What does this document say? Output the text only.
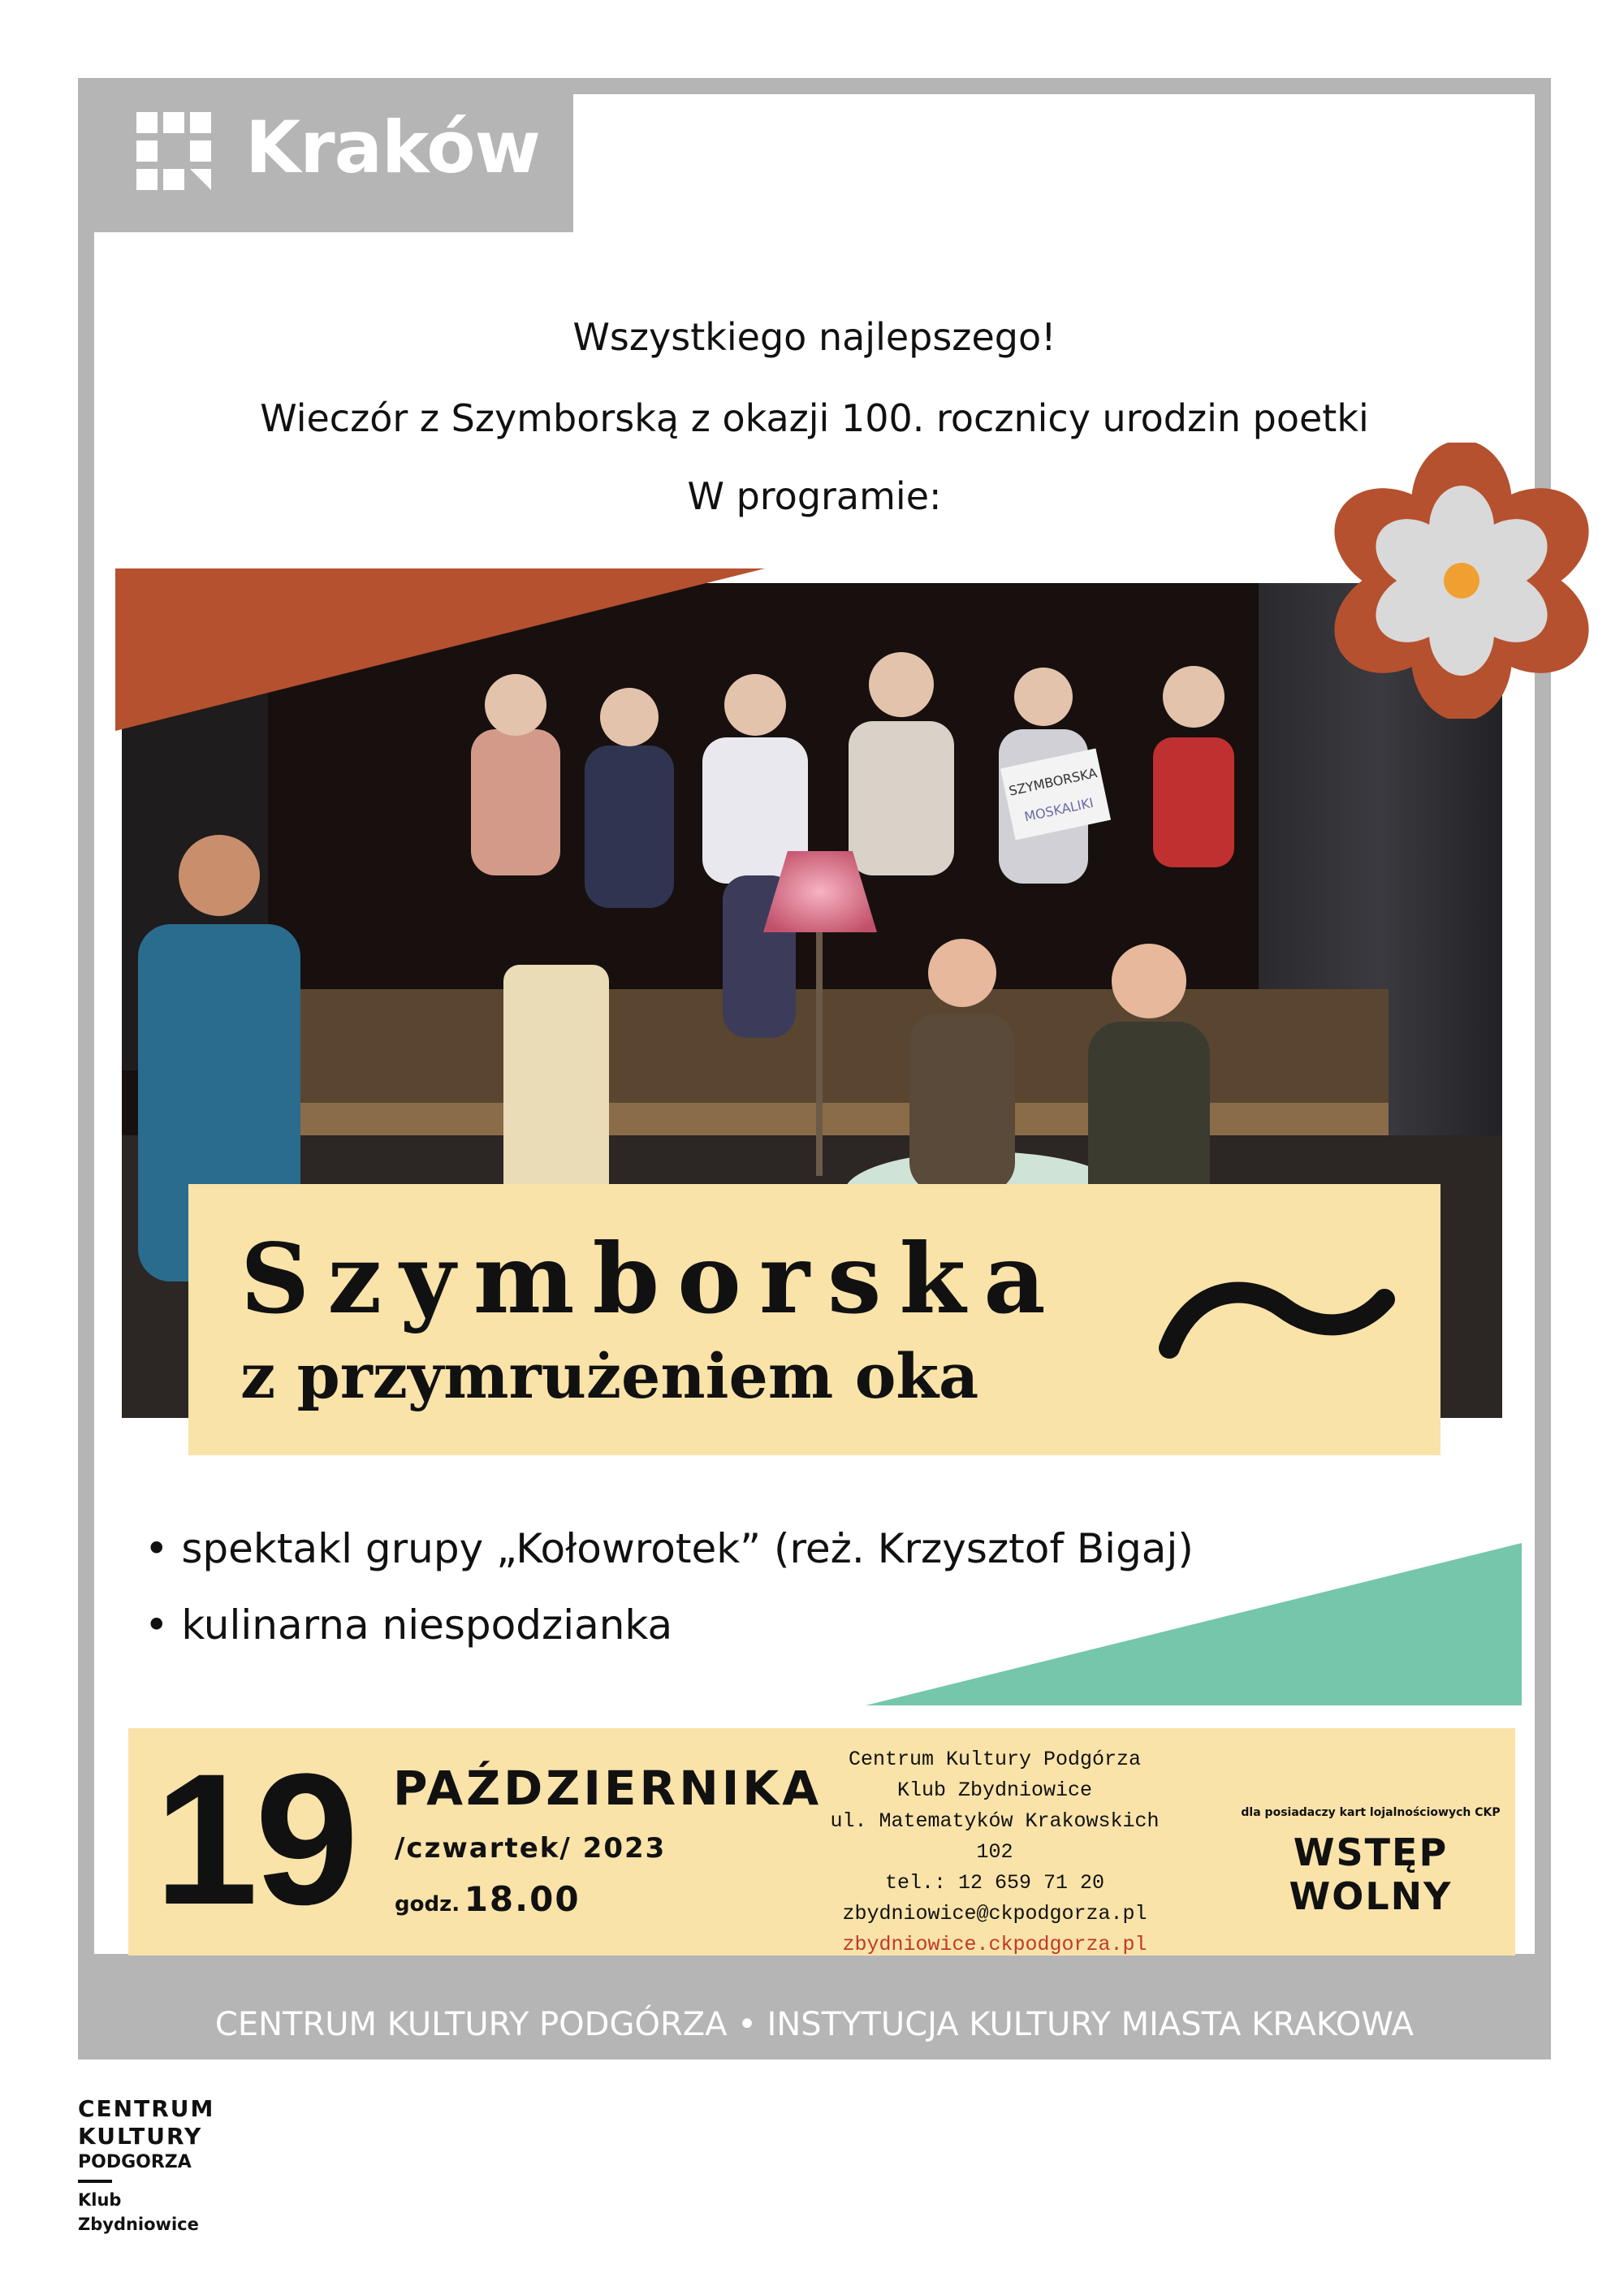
Kraków
Wszystkiego najlepszego!
Wieczór z Szymborską z okazji 100. rocznicy urodzin poetki
W programie:
SZYMBORSKA
MOSKALIKI
Szymborska
z przymrużeniem oka
• spektakl grupy „Kołowrotek” (reż. Krzysztof Bigaj)
• kulinarna niespodzianka
19 PAŹDZIERNIKA
/czwartek/ 2023
godz. 18.00
Centrum Kultury Podgórza
Klub Zbydniowice
ul. Matematyków Krakowskich 102
tel.: 12 659 71 20
zbydniowice@ckpodgorza.pl
zbydniowice.ckpodgorza.pl
dla posiadaczy kart lojalnościowych CKP
WSTĘP WOLNY
CENTRUM KULTURY PODGÓRZA • INSTYTUCJA KULTURY MIASTA KRAKOWA
CENTRUM
KULTURY
PODGORZA
Klub
Zbydniowice
